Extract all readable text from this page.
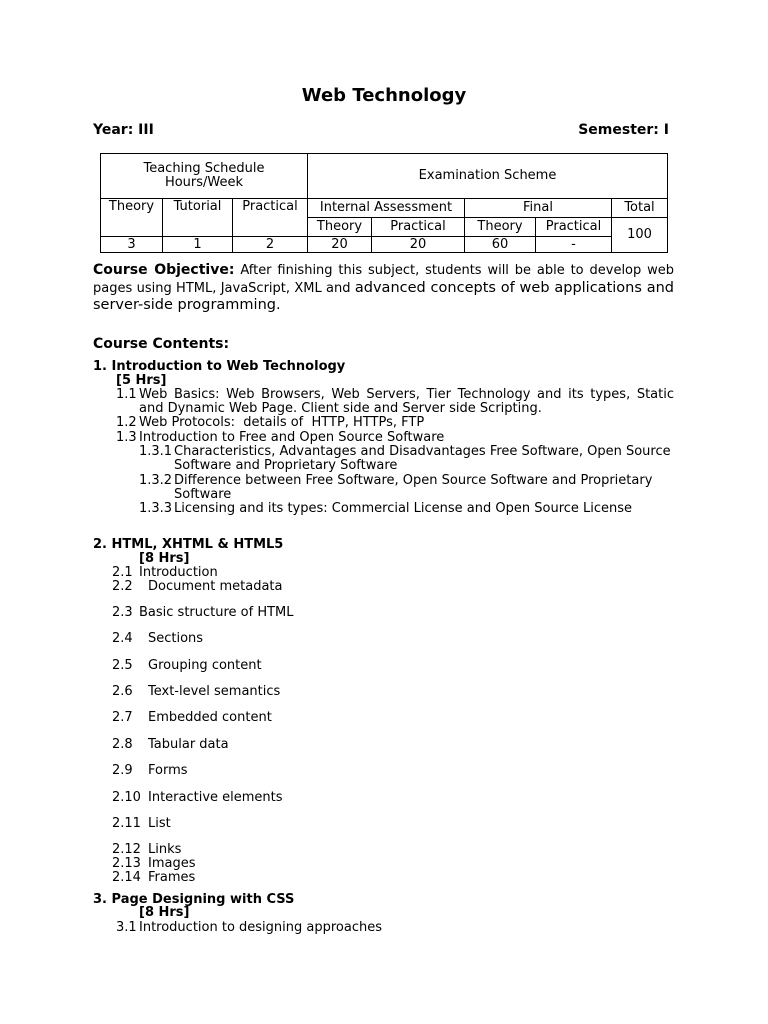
Web Technology
Year: III	Semester: I
Teaching Schedule
Hours/Week			Examination Scheme				
Theory	Tutorial	Practical	Internal Assessment		Final		Total
			Theory	Practical	Theory	Practical	100
3	1	2	20	20	60	-	
Course Objective: After finishing this subject, students will be able to develop web pages using HTML, JavaScript, XML and advanced concepts of web applications and server-side programming.
Course Contents:
1. Introduction to Web Technology
[5 Hrs]
1.1 Web Basics: Web Browsers, Web Servers, Tier Technology and its types, Static and Dynamic Web Page. Client side and Server side Scripting.
1.2 Web Protocols:  details of  HTTP, HTTPs, FTP
1.3 Introduction to Free and Open Source Software
1.3.1 Characteristics, Advantages and Disadvantages Free Software, Open Source Software and Proprietary Software
1.3.2 Difference between Free Software, Open Source Software and Proprietary Software
1.3.3 Licensing and its types: Commercial License and Open Source License
2. HTML, XHTML & HTML5
[8 Hrs]
2.1 Introduction
2.2 Document metadata
2.3 Basic structure of HTML
2.4 Sections
2.5 Grouping content
2.6 Text-level semantics
2.7 Embedded content
2.8 Tabular data
2.9 Forms
2.10 Interactive elements
2.11 List
2.12 Links
2.13 Images
2.14 Frames
3. Page Designing with CSS
[8 Hrs]
3.1 Introduction to designing approaches
